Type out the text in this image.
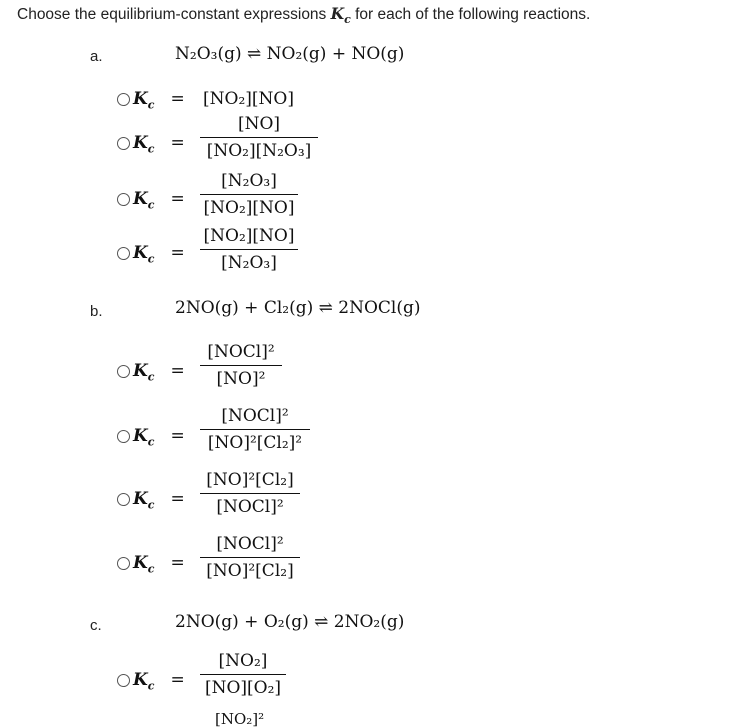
Choose the equilibrium-constant expressions $K_c$ for each of the following reactions.
a.	N₂O₃(g) ⇌ NO₂(g) + NO(g)
$K_c = [NO_2][NO]$
$K_c$ =
[NO]
[NO₂][N₂O₃]
$K_c$ =
[N₂O₃]
[NO₂][NO]
$K_c$ =
[NO₂][NO]
[N₂O₃]
b.	2NO(g) + Cl₂(g) ⇌ 2NOCl(g)
$K_c$ =
[NOCl]²
[NO]²
$K_c$ =
[NOCl]²
[NO]²[Cl₂]²
$K_c$ =
[NO]²[Cl₂]
[NOCl]²
$K_c$ =
[NOCl]²
[NO]²[Cl₂]
c.	2NO(g) + O₂(g) ⇌ 2NO₂(g)
$K_c$ =
[NO₂]
[NO][O₂]
[NO₂]²
